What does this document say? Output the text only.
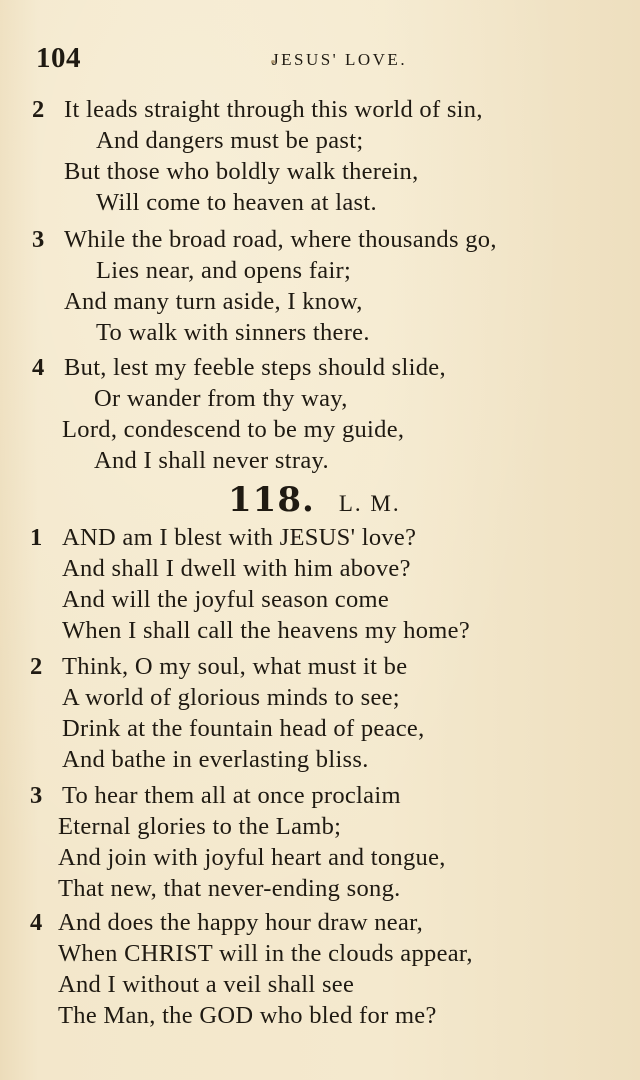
104	JESUS' LOVE.
2 It leads straight through this world of sin,
And dangers must be past;
But those who boldly walk therein,
Will come to heaven at last.
3 While the broad road, where thousands go,
Lies near, and opens fair;
And many turn aside, I know,
To walk with sinners there.
4 But, lest my feeble steps should slide,
Or wander from thy way,
Lord, condescend to be my guide,
And I shall never stray.
118. L. M.
1 AND am I blest with JESUS' love?
And shall I dwell with him above?
And will the joyful season come
When I shall call the heavens my home?
2 Think, O my soul, what must it be
A world of glorious minds to see;
Drink at the fountain head of peace,
And bathe in everlasting bliss.
3 To hear them all at once proclaim
Eternal glories to the Lamb;
And join with joyful heart and tongue,
That new, that never-ending song.
4 And does the happy hour draw near,
When CHRIST will in the clouds appear,
And I without a veil shall see
The Man, the GOD who bled for me?
